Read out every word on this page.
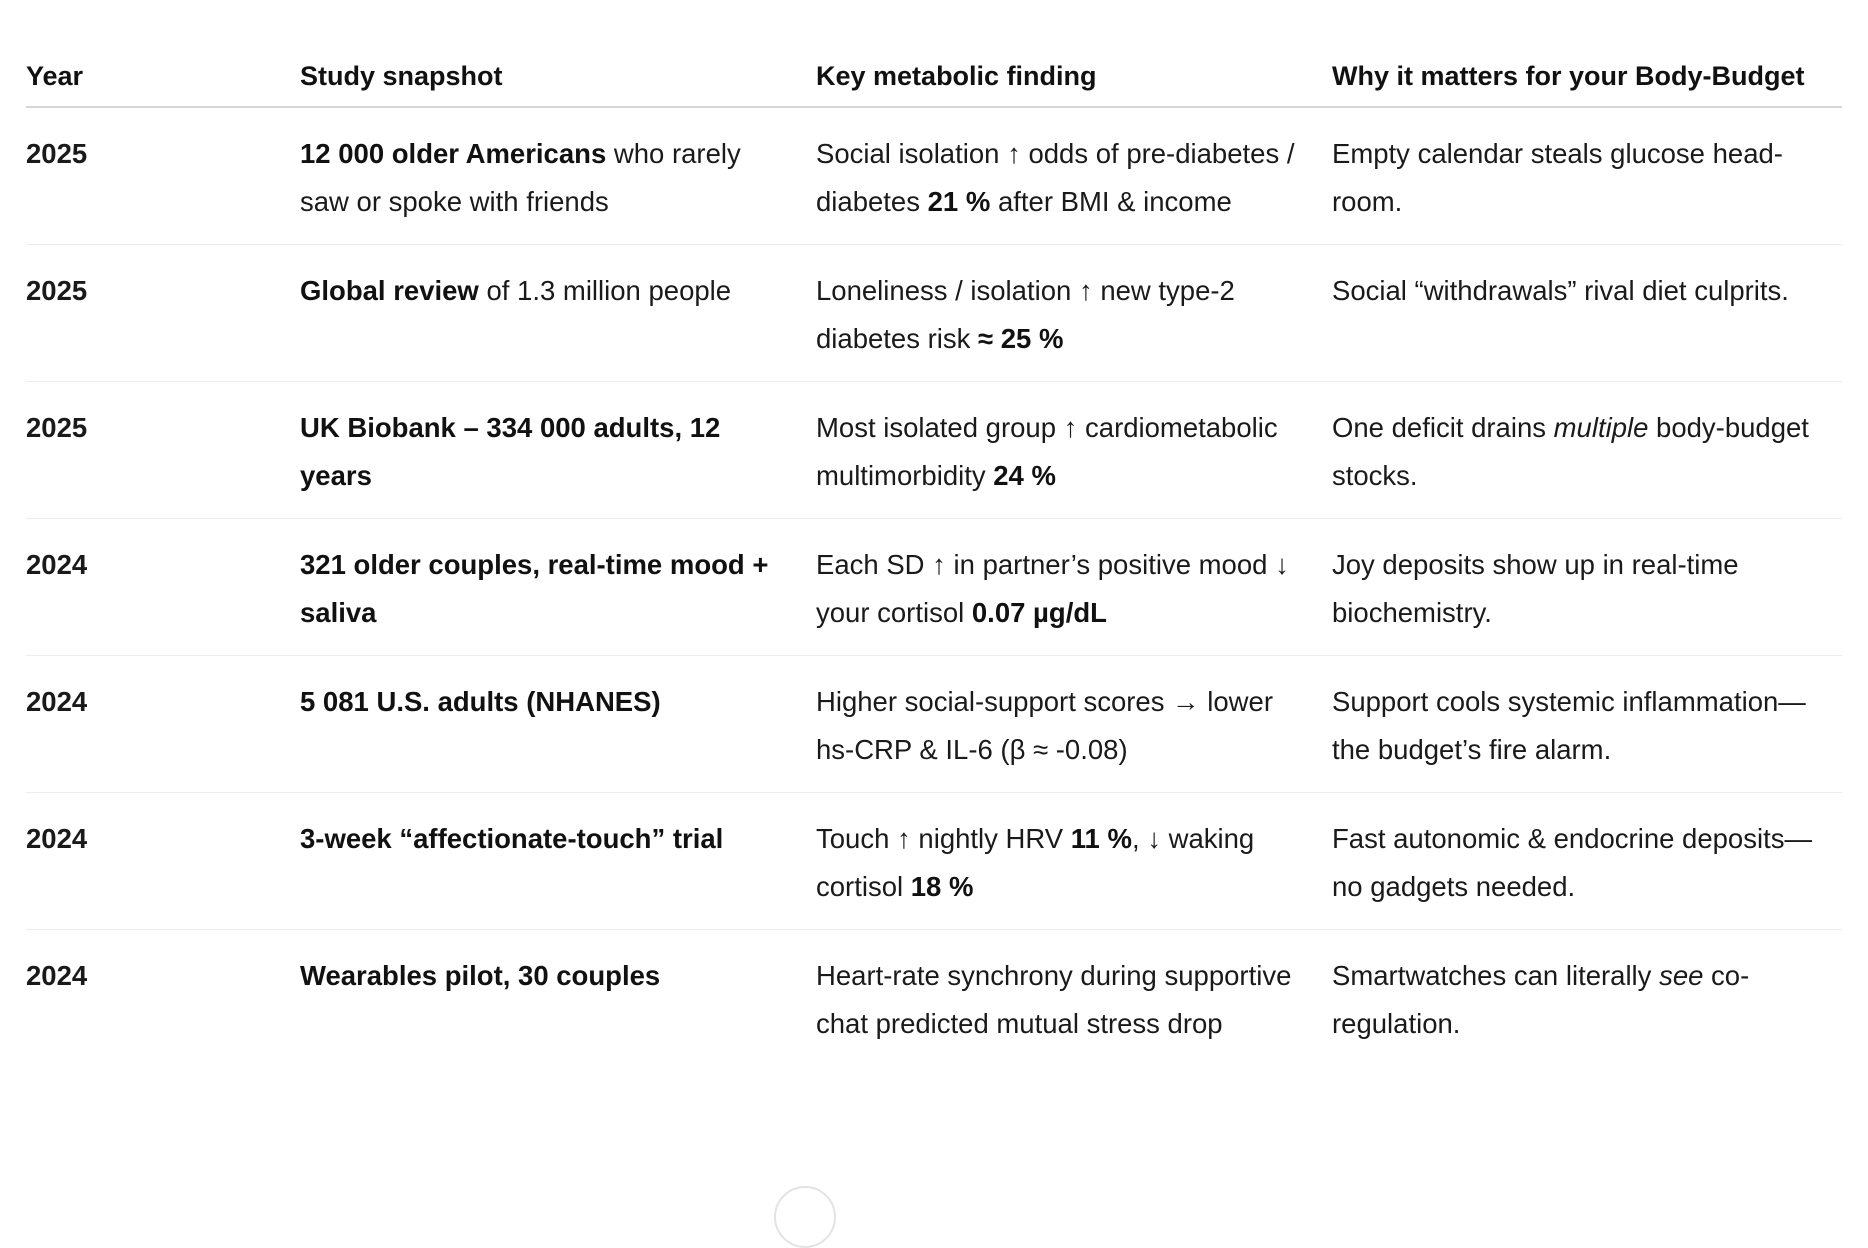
Year	Study snapshot	Key metabolic finding	Why it matters for your Body-Budget
2025	12 000 older Americans who rarely saw or spoke with friends	Social isolation ↑ odds of pre-diabetes / diabetes 21 % after BMI & income	Empty calendar steals glucose head-room.
2025	Global review of 1.3 million people	Loneliness / isolation ↑ new type-2 diabetes risk ≈ 25 %	Social “withdrawals” rival diet culprits.
2025	UK Biobank – 334 000 adults, 12 years	Most isolated group ↑ cardiometabolic multimorbidity 24 %	One deficit drains multiple body-budget stocks.
2024	321 older couples, real-time mood + saliva	Each SD ↑ in partner’s positive mood ↓ your cortisol 0.07 µg/dL	Joy deposits show up in real-time biochemistry.
2024	5 081 U.S. adults (NHANES)	Higher social-support scores → lower hs-CRP & IL-6 (β ≈ -0.08)	Support cools systemic inflammation—the budget’s fire alarm.
2024	3-week “affectionate-touch” trial	Touch ↑ nightly HRV 11 %, ↓ waking cortisol 18 %	Fast autonomic & endocrine deposits—no gadgets needed.
2024	Wearables pilot, 30 couples	Heart-rate synchrony during supportive chat predicted mutual stress drop	Smartwatches can literally see co-regulation.
